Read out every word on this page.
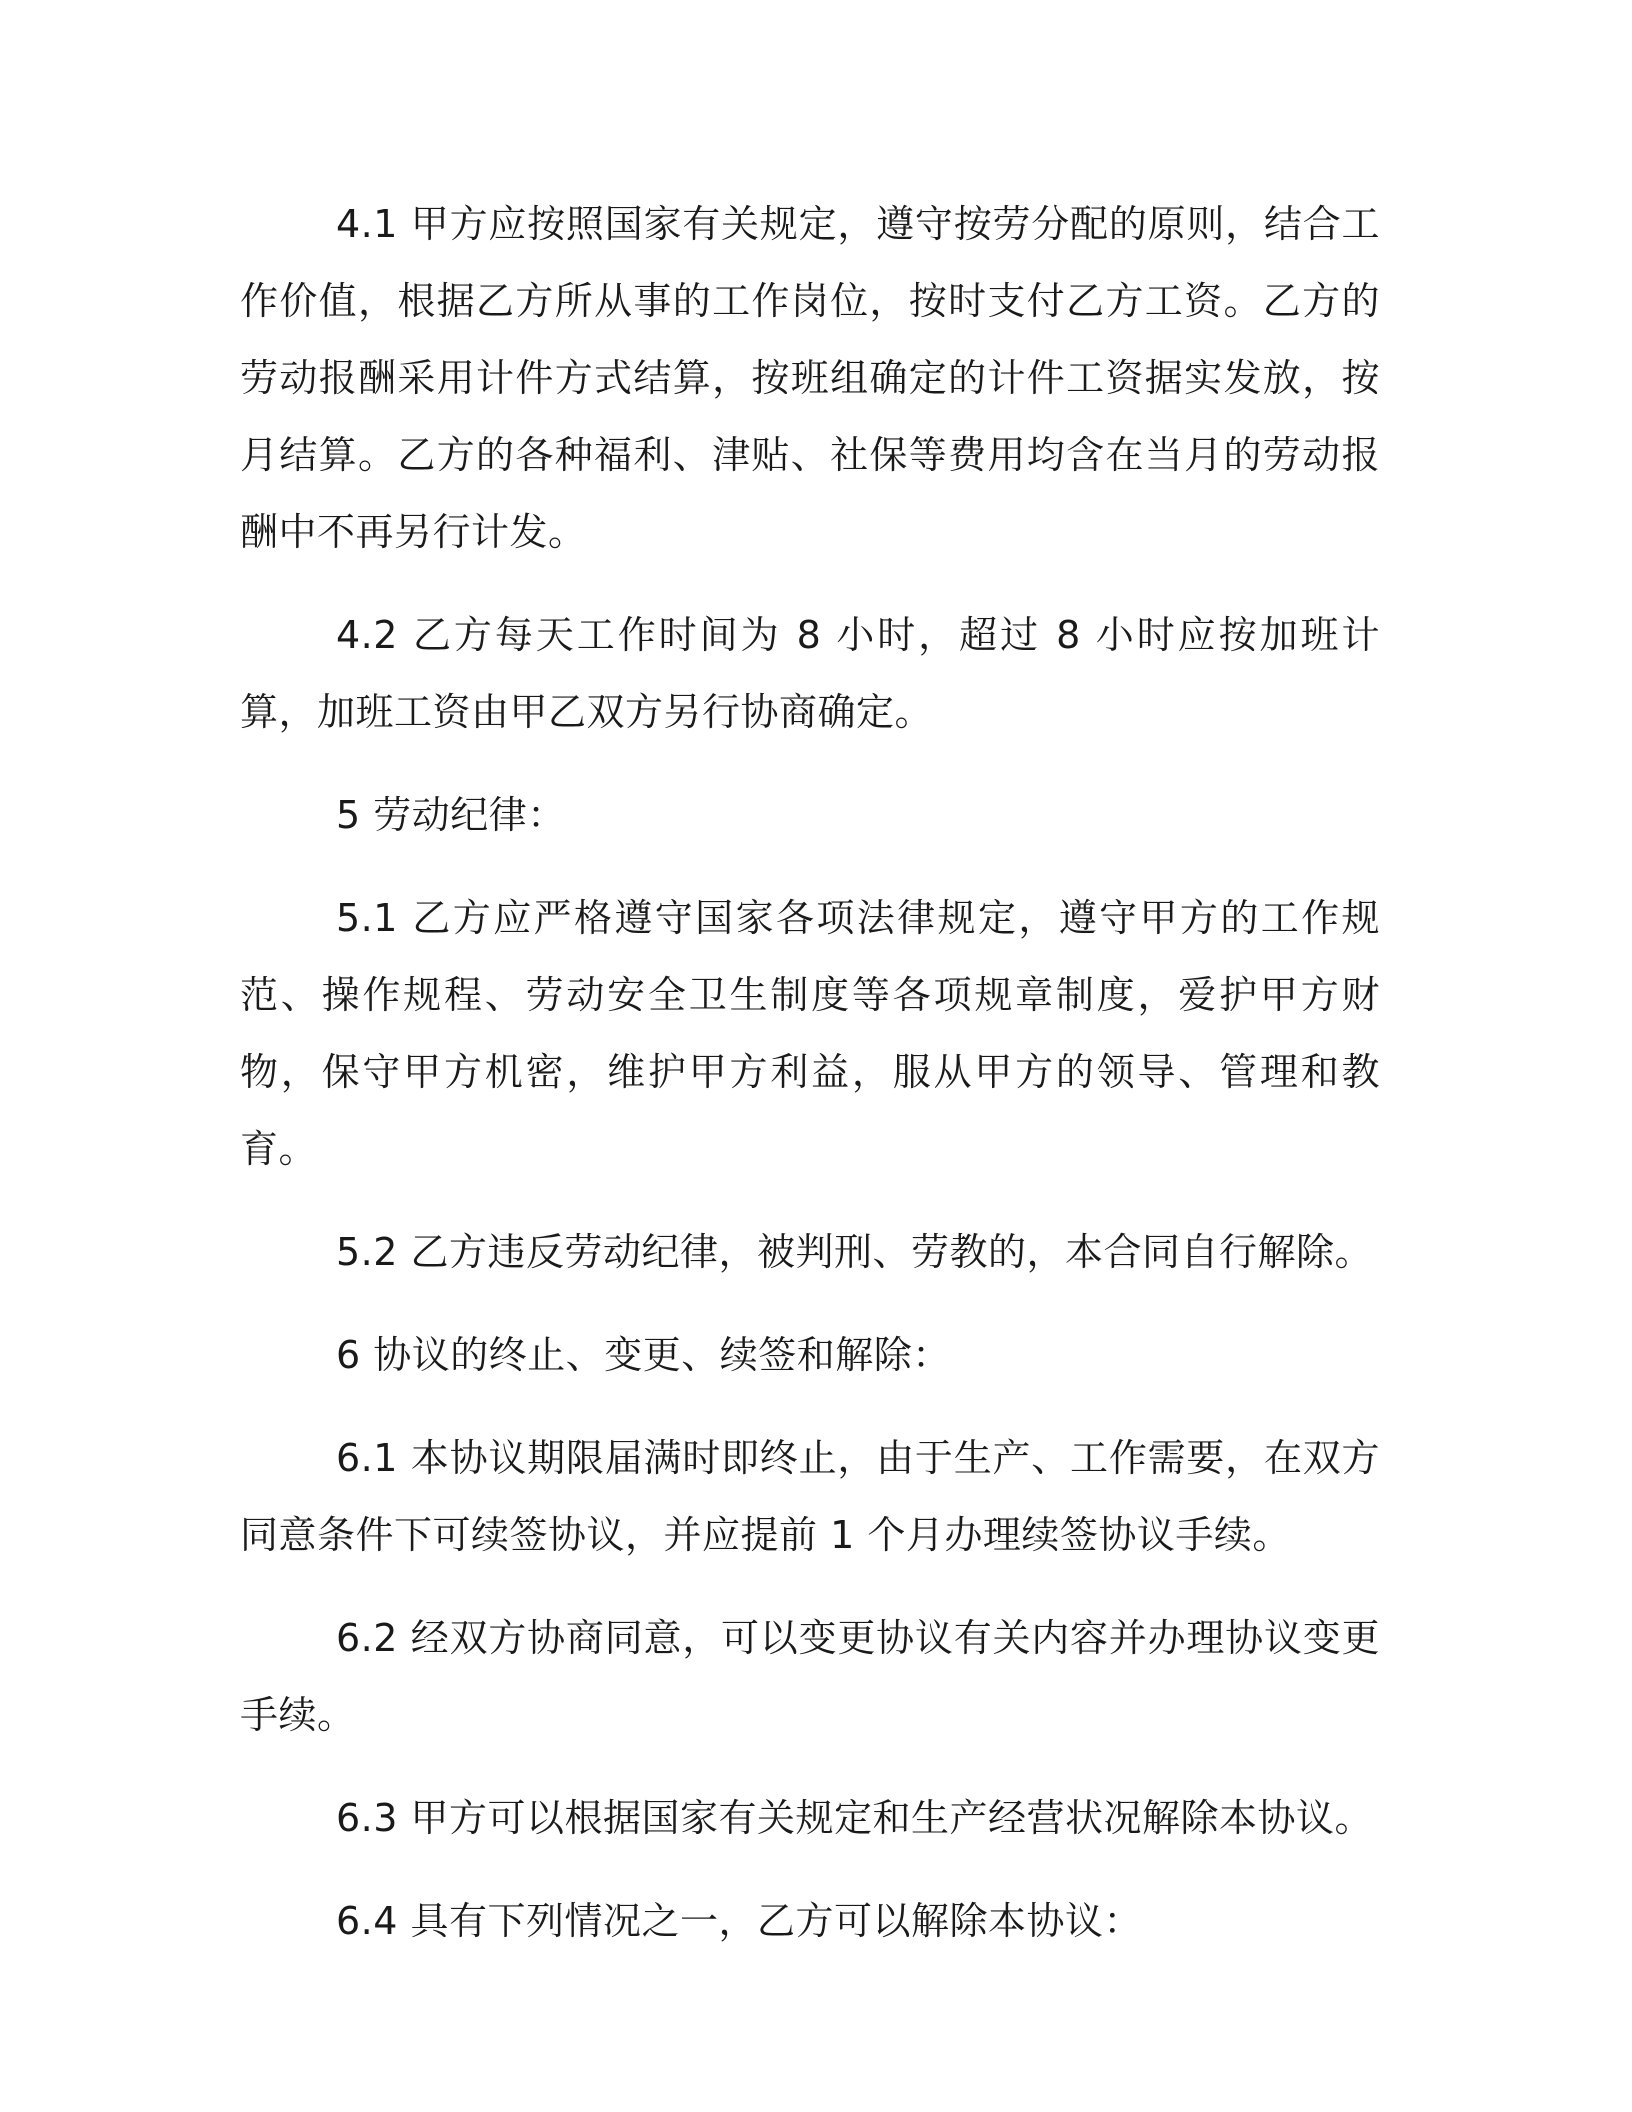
4.1 甲方应按照国家有关规定，遵守按劳分配的原则，结合工作价值，根据乙方所从事的工作岗位，按时支付乙方工资。乙方的劳动报酬采用计件方式结算，按班组确定的计件工资据实发放，按月结算。乙方的各种福利、津贴、社保等费用均含在当月的劳动报酬中不再另行计发。

4.2 乙方每天工作时间为 8 小时，超过 8 小时应按加班计算，加班工资由甲乙双方另行协商确定。

5 劳动纪律：

5.1 乙方应严格遵守国家各项法律规定，遵守甲方的工作规范、操作规程、劳动安全卫生制度等各项规章制度，爱护甲方财物，保守甲方机密，维护甲方利益，服从甲方的领导、管理和教育。

5.2 乙方违反劳动纪律，被判刑、劳教的，本合同自行解除。

6 协议的终止、变更、续签和解除：

6.1 本协议期限届满时即终止，由于生产、工作需要，在双方同意条件下可续签协议，并应提前 1 个月办理续签协议手续。

6.2 经双方协商同意，可以变更协议有关内容并办理协议变更手续。

6.3 甲方可以根据国家有关规定和生产经营状况解除本协议。

6.4 具有下列情况之一，乙方可以解除本协议：
